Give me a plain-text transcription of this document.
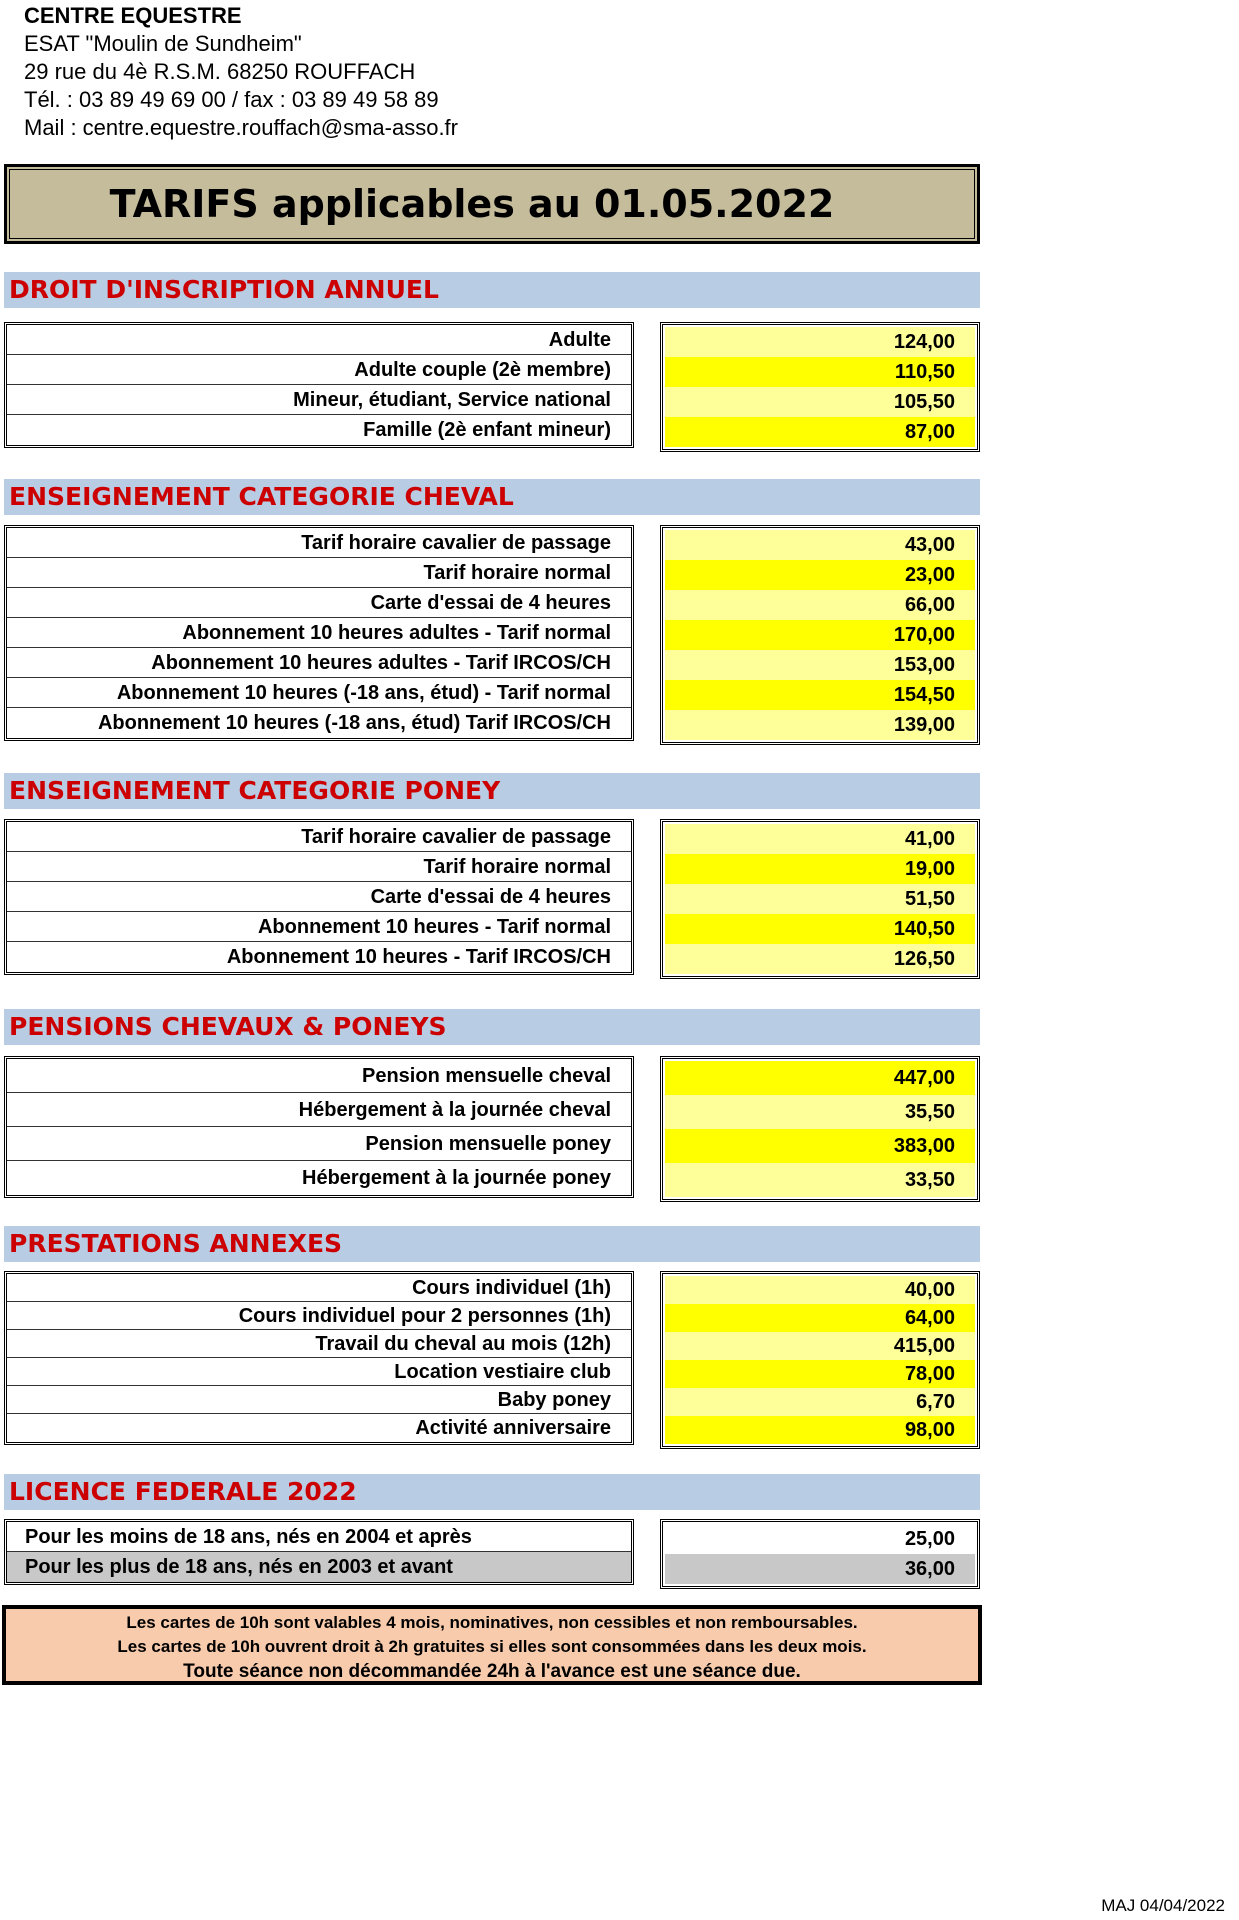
CENTRE EQUESTRE
ESAT "Moulin de Sundheim"
29 rue du 4è R.S.M. 68250 ROUFFACH
Tél. : 03 89 49 69 00 / fax : 03 89 49 58 89
Mail : centre.equestre.rouffach@sma-asso.fr
TARIFS applicables au 01.05.2022
DROIT D'INSCRIPTION ANNUEL
Adulte
Adulte couple (2è membre)
Mineur, étudiant, Service national
Famille (2è enfant mineur)
124,00
110,50
105,50
87,00
ENSEIGNEMENT CATEGORIE CHEVAL
Tarif horaire cavalier de passage
Tarif horaire normal
Carte d'essai de 4 heures
Abonnement 10 heures adultes - Tarif normal
Abonnement 10 heures adultes - Tarif IRCOS/CH
Abonnement 10 heures (-18 ans, étud) - Tarif normal
Abonnement 10 heures (-18 ans, étud) Tarif IRCOS/CH
43,00
23,00
66,00
170,00
153,00
154,50
139,00
ENSEIGNEMENT CATEGORIE PONEY
Tarif horaire cavalier de passage
Tarif horaire normal
Carte d'essai de 4 heures
Abonnement 10 heures - Tarif normal
Abonnement 10 heures - Tarif IRCOS/CH
41,00
19,00
51,50
140,50
126,50
PENSIONS CHEVAUX & PONEYS
Pension mensuelle cheval
Hébergement à la journée cheval
Pension mensuelle poney
Hébergement à la journée poney
447,00
35,50
383,00
33,50
PRESTATIONS ANNEXES
Cours individuel (1h)
Cours individuel pour 2 personnes (1h)
Travail du cheval au mois (12h)
Location vestiaire club
Baby poney
Activité anniversaire
40,00
64,00
415,00
78,00
6,70
98,00
LICENCE FEDERALE 2022
Pour les moins de 18 ans, nés en 2004 et après
Pour les plus de 18 ans, nés en 2003 et avant
25,00
36,00
Les cartes de 10h sont valables 4 mois, nominatives, non cessibles et non remboursables.
Les cartes de 10h ouvrent droit à 2h gratuites si elles sont consommées dans les deux mois.
Toute séance non décommandée 24h à l'avance est une séance due.
MAJ 04/04/2022
